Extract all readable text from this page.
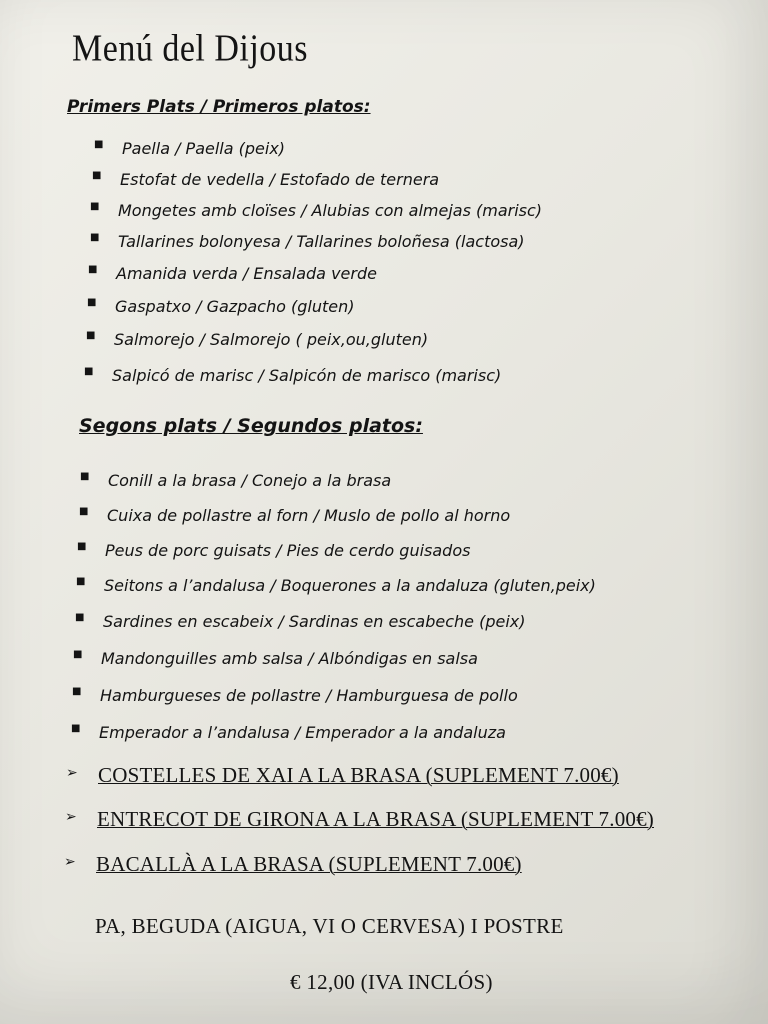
Menú del Dijous
Primers Plats / Primeros platos:
■ Paella / Paella (peix)
■ Estofat de vedella / Estofado de ternera
■ Mongetes amb cloïses / Alubias con almejas (marisc)
■ Tallarines bolonyesa / Tallarines boloñesa (lactosa)
■ Amanida verda / Ensalada verde
■ Gaspatxo / Gazpacho (gluten)
■ Salmorejo / Salmorejo ( peix,ou,gluten)
■ Salpicó de marisc / Salpicón de marisco (marisc)
Segons plats / Segundos platos:
■ Conill a la brasa / Conejo a la brasa
■ Cuixa de pollastre al forn / Muslo de pollo al horno
■ Peus de porc guisats / Pies de cerdo guisados
■ Seitons a l’andalusa / Boquerones a la andaluza (gluten,peix)
■ Sardines en escabeix / Sardinas en escabeche (peix)
■ Mandonguilles amb salsa / Albóndigas en salsa
■ Hamburgueses de pollastre / Hamburguesa de pollo
■ Emperador a l’andalusa / Emperador a la andaluza
➢ COSTELLES DE XAI A LA BRASA (SUPLEMENT 7.00€)
➢ ENTRECOT DE GIRONA A LA BRASA (SUPLEMENT 7.00€)
➢ BACALLÀ A LA BRASA (SUPLEMENT 7.00€)

PA, BEGUDA (AIGUA, VI O CERVESA) I POSTRE

€ 12,00 (IVA INCLÓS)
